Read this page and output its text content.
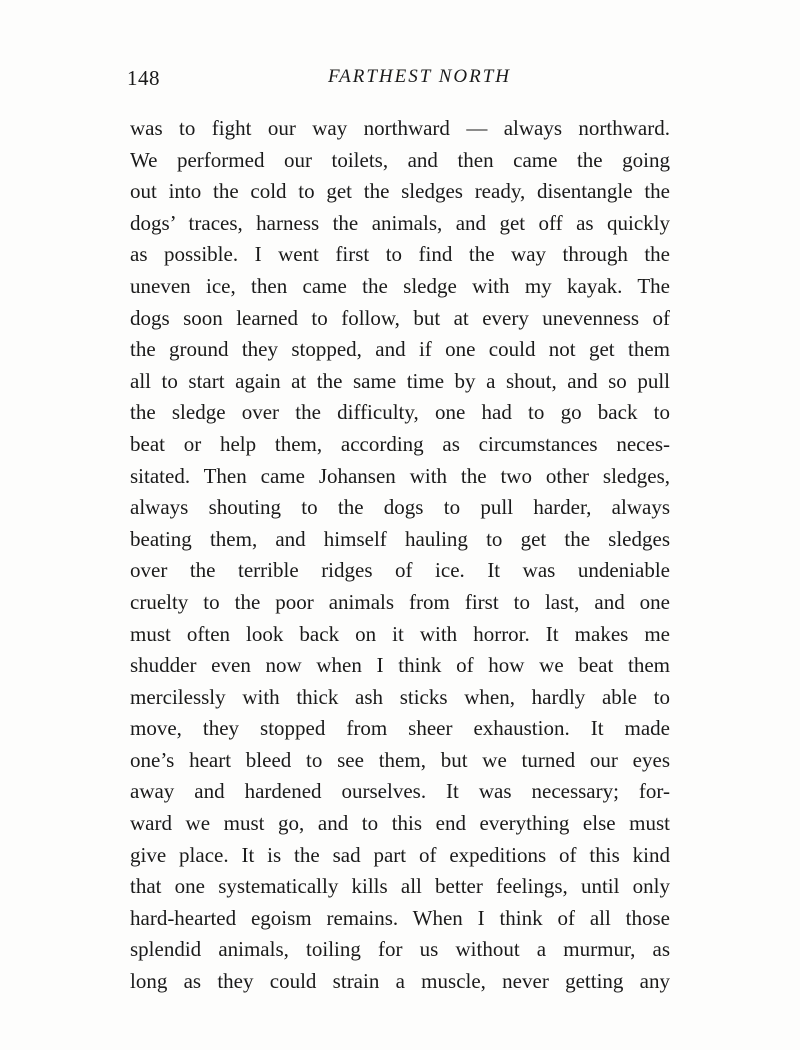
148	FARTHEST NORTH
was to fight our way northward — always northward.
We performed our toilets, and then came the going
out into the cold to get the sledges ready, disentangle the
dogs’ traces, harness the animals, and get off as quickly
as possible. I went first to find the way through the
uneven ice, then came the sledge with my kayak. The
dogs soon learned to follow, but at every unevenness of
the ground they stopped, and if one could not get them
all to start again at the same time by a shout, and so pull
the sledge over the difficulty, one had to go back to
beat or help them, according as circumstances neces-
sitated. Then came Johansen with the two other sledges,
always shouting to the dogs to pull harder, always
beating them, and himself hauling to get the sledges
over the terrible ridges of ice. It was undeniable
cruelty to the poor animals from first to last, and one
must often look back on it with horror. It makes me
shudder even now when I think of how we beat them
mercilessly with thick ash sticks when, hardly able to
move, they stopped from sheer exhaustion. It made
one’s heart bleed to see them, but we turned our eyes
away and hardened ourselves. It was necessary; for-
ward we must go, and to this end everything else must
give place. It is the sad part of expeditions of this kind
that one systematically kills all better feelings, until only
hard-hearted egoism remains. When I think of all those
splendid animals, toiling for us without a murmur, as
long as they could strain a muscle, never getting any
